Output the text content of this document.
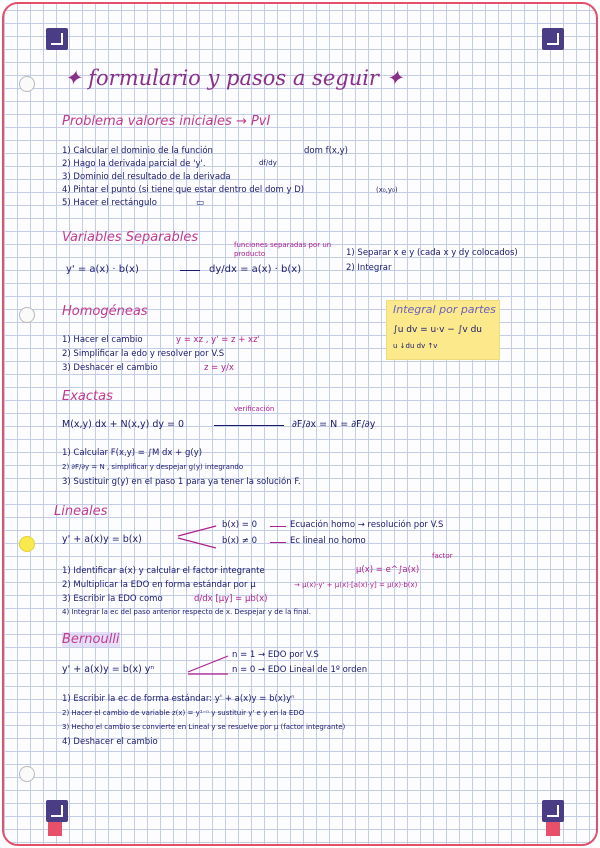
✦ formulario y pasos a seguir ✦
Problema valores iniciales → PvI
1) Calcular el dominio de la función	dom f(x,y)
df/dy
2) Hago la derivada parcial de 'y'.
3) Dominio del resultado de la derivada
4) Pintar el punto (si tiene que estar dentro del dom y D)	(x₀,y₀)
5) Hacer el rectángulo	▭
Variables Separables	funciones separadas por un producto	1) Separar x e y (cada x y dy colocados)
2) Integrar
y' = a(x) · b(x)	dy/dx = a(x) · b(x)
Homogéneas
1) Hacer el cambio	y = xz , y' = z + xz'
2) Simplificar la edo y resolver por V.S
3) Deshacer el cambio	z = y/x
Integral por partes
∫u dv = u·v − ∫v du
u ↓du dv ↑v
Exactas
verificación
M(x,y) dx + N(x,y) dy = 0	∂F/∂x = N = ∂F/∂y
1) Calcular F(x,y) = ∫M dx + g(y)
2) ∂F/∂y = N , simplificar y despejar g(y) integrando
3) Sustituir g(y) en el paso 1 para ya tener la solución F.
Lineales
y' + a(x)y = b(x)
b(x) = 0	Ecuación homo → resolución por V.S
b(x) ≠ 0	Ec lineal no homo
factor
1) Identificar a(x) y calcular el factor integrante	μ(x) = e^∫a(x)
2) Multiplicar la EDO en forma estándar por μ	→ μ(x)·y' + μ(x)·[a(x)·y] = μ(x)·b(x)
3) Escribir la EDO como	d/dx [μy] = μb(x)
4) Integrar la ec del paso anterior respecto de x. Despejar y de la final.
Bernoulli
y' + a(x)y = b(x) yⁿ
n = 1 → EDO por V.S
n = 0 → EDO Lineal de 1º orden
1) Escribir la ec de forma estándar: y' + a(x)y = b(x)yⁿ
2) Hacer el cambio de variable z(x) = y¹⁻ⁿ y sustituir y' e y en la EDO
3) Hecho el cambio se convierte en Lineal y se resuelve por μ (factor integrante)
4) Deshacer el cambio
